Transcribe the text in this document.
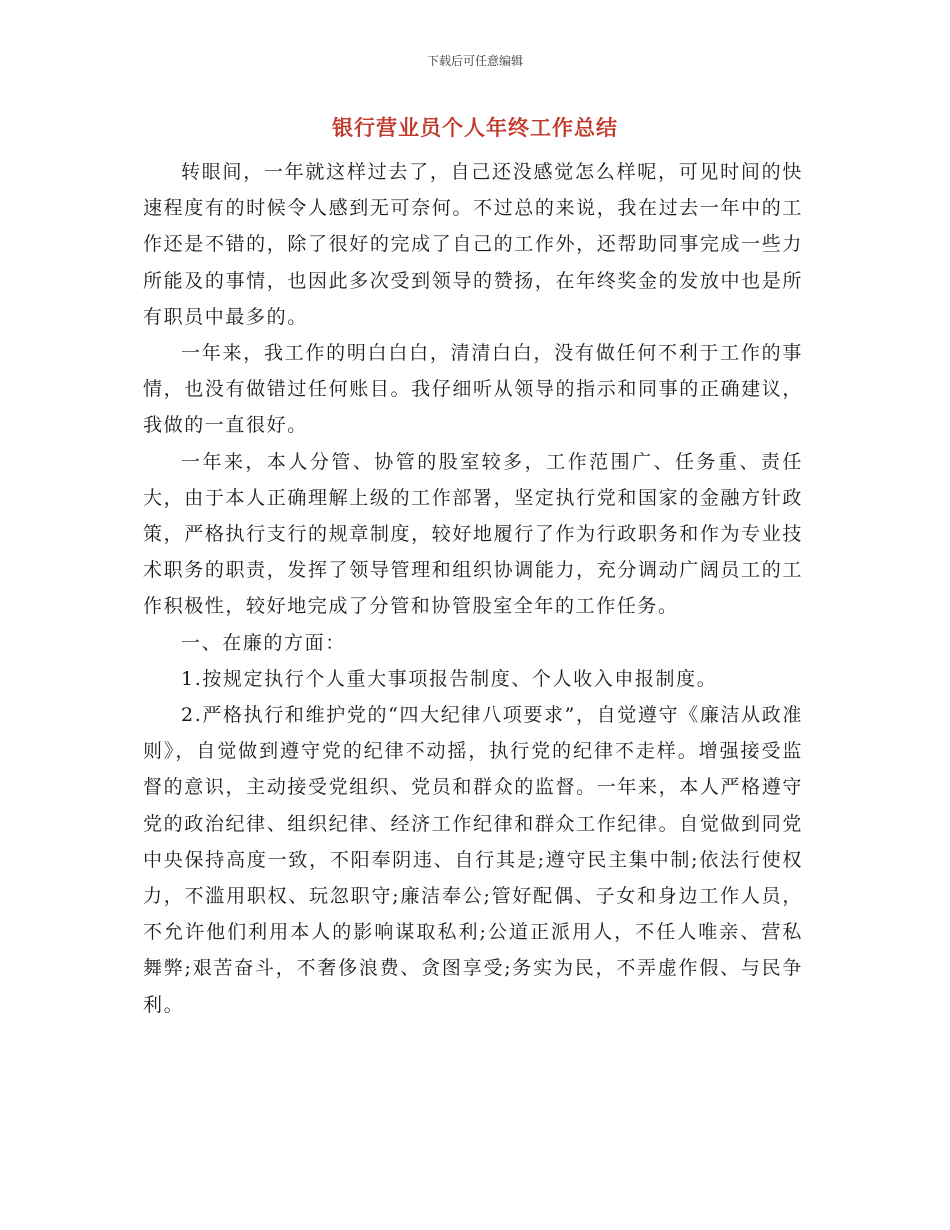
下载后可任意编辑
银行营业员个人年终工作总结

转眼间，一年就这样过去了，自己还没感觉怎么样呢，可见时间的快速程度有的时候令人感到无可奈何。不过总的来说，我在过去一年中的工作还是不错的，除了很好的完成了自己的工作外，还帮助同事完成一些力所能及的事情，也因此多次受到领导的赞扬，在年终奖金的发放中也是所有职员中最多的。

一年来，我工作的明白白白，清清白白，没有做任何不利于工作的事情，也没有做错过任何账目。我仔细听从领导的指示和同事的正确建议，我做的一直很好。

一年来，本人分管、协管的股室较多，工作范围广、任务重、责任大，由于本人正确理解上级的工作部署，坚定执行党和国家的金融方针政策，严格执行支行的规章制度，较好地履行了作为行政职务和作为专业技术职务的职责，发挥了领导管理和组织协调能力，充分调动广阔员工的工作积极性，较好地完成了分管和协管股室全年的工作任务。

一、在廉的方面：

1.按规定执行个人重大事项报告制度、个人收入申报制度。

2.严格执行和维护党的“四大纪律八项要求”，自觉遵守《廉洁从政准则》，自觉做到遵守党的纪律不动摇，执行党的纪律不走样。增强接受监督的意识，主动接受党组织、党员和群众的监督。一年来，本人严格遵守党的政治纪律、组织纪律、经济工作纪律和群众工作纪律。自觉做到同党中央保持高度一致，不阳奉阴违、自行其是;遵守民主集中制;依法行使权力，不滥用职权、玩忽职守;廉洁奉公;管好配偶、子女和身边工作人员，不允许他们利用本人的影响谋取私利;公道正派用人，不任人唯亲、营私舞弊;艰苦奋斗，不奢侈浪费、贪图享受;务实为民，不弄虚作假、与民争利。
